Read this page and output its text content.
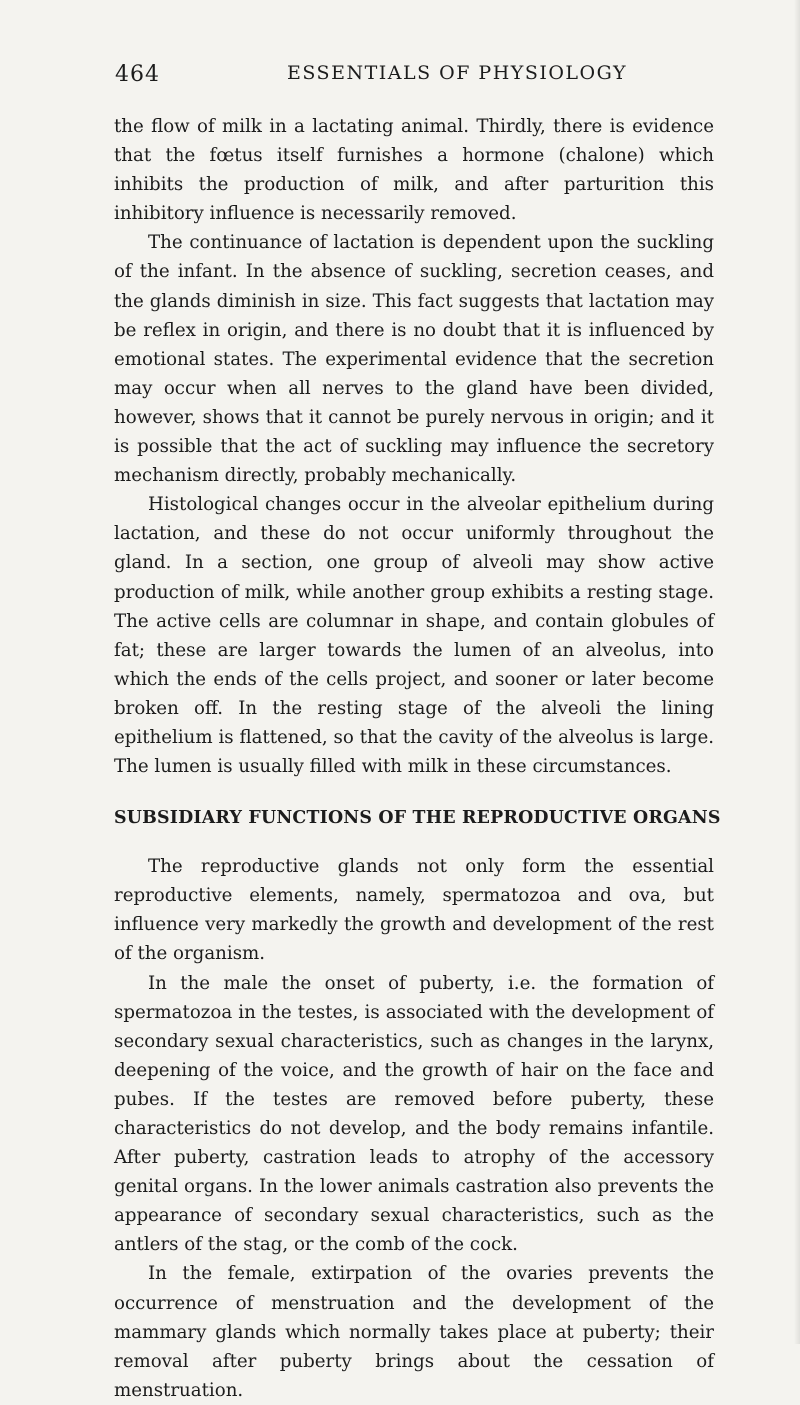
464	ESSENTIALS OF PHYSIOLOGY

the flow of milk in a lactating animal. Thirdly, there is evidence that the fœtus itself furnishes a hormone (chalone) which inhibits the production of milk, and after parturition this inhibitory influence is necessarily removed.

The continuance of lactation is dependent upon the suckling of the infant. In the absence of suckling, secretion ceases, and the glands diminish in size. This fact suggests that lactation may be reflex in origin, and there is no doubt that it is influenced by emotional states. The experimental evidence that the secretion may occur when all nerves to the gland have been divided, however, shows that it cannot be purely nervous in origin; and it is possible that the act of suckling may influence the secretory mechanism directly, probably mechanically.

Histological changes occur in the alveolar epithelium during lactation, and these do not occur uniformly throughout the gland. In a section, one group of alveoli may show active production of milk, while another group exhibits a resting stage. The active cells are columnar in shape, and contain globules of fat; these are larger towards the lumen of an alveolus, into which the ends of the cells project, and sooner or later become broken off. In the resting stage of the alveoli the lining epithelium is flattened, so that the cavity of the alveolus is large. The lumen is usually filled with milk in these circumstances.

SUBSIDIARY FUNCTIONS OF THE REPRODUCTIVE ORGANS

The reproductive glands not only form the essential reproductive elements, namely, spermatozoa and ova, but influence very markedly the growth and development of the rest of the organism.

In the male the onset of puberty, i.e. the formation of spermatozoa in the testes, is associated with the development of secondary sexual characteristics, such as changes in the larynx, deepening of the voice, and the growth of hair on the face and pubes. If the testes are removed before puberty, these characteristics do not develop, and the body remains infantile. After puberty, castration leads to atrophy of the accessory genital organs. In the lower animals castration also prevents the appearance of secondary sexual characteristics, such as the antlers of the stag, or the comb of the cock.

In the female, extirpation of the ovaries prevents the occurrence of menstruation and the development of the mammary glands which normally takes place at puberty; their removal after puberty brings about the cessation of menstruation.
